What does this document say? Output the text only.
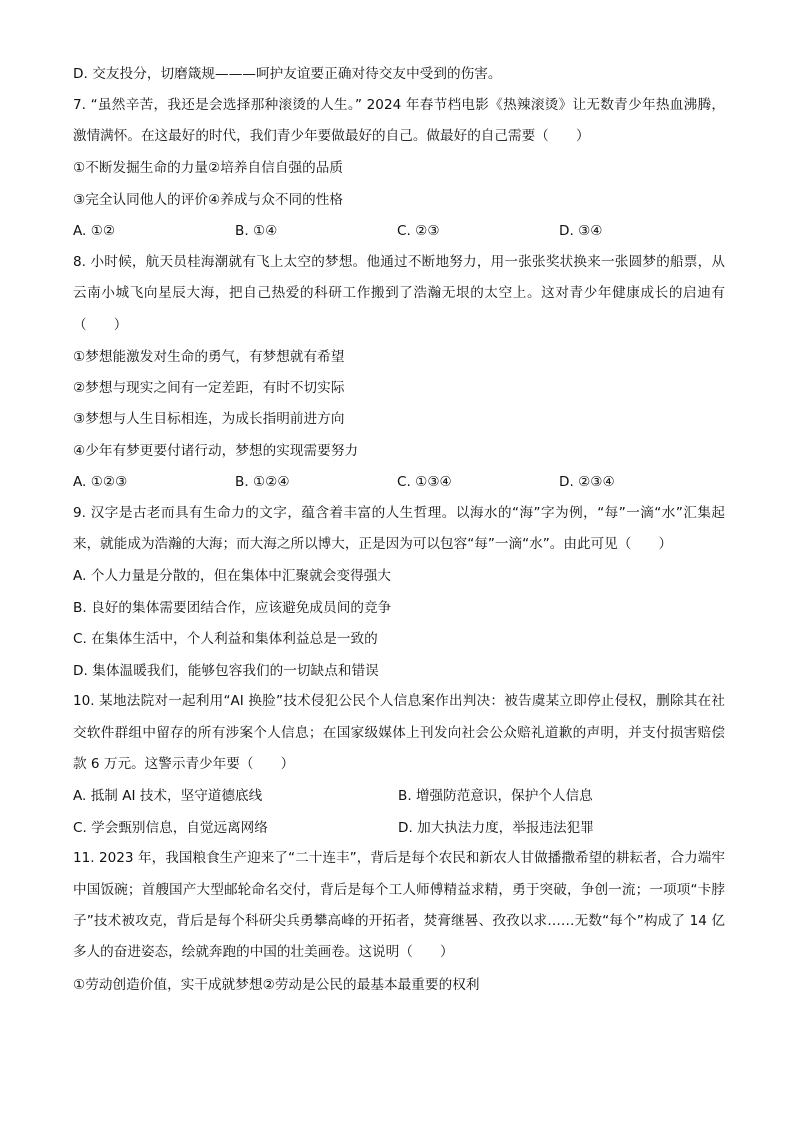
D. 交友投分，切磨箴规———呵护友谊要正确对待交友中受到的伤害。
7. “虽然辛苦，我还是会选择那种滚烫的人生。” 2024 年春节档电影《热辣滚烫》让无数青少年热血沸腾，激情满怀。在这最好的时代，我们青少年要做最好的自己。做最好的自己需要（　　）
①不断发掘生命的力量②培养自信自强的品质
③完全认同他人的评价④养成与众不同的性格
A. ①②	B. ①④	C. ②③	D. ③④
8. 小时候，航天员桂海潮就有飞上太空的梦想。他通过不断地努力，用一张张奖状换来一张圆梦的船票，从云南小城飞向星辰大海，把自己热爱的科研工作搬到了浩瀚无垠的太空上。这对青少年健康成长的启迪有（　　）
①梦想能激发对生命的勇气，有梦想就有希望
②梦想与现实之间有一定差距，有时不切实际
③梦想与人生目标相连，为成长指明前进方向
④少年有梦更要付诸行动，梦想的实现需要努力
A. ①②③	B. ①②④	C. ①③④	D. ②③④
9. 汉字是古老而具有生命力的文字，蕴含着丰富的人生哲理。以海水的“海”字为例，“每”一滴“水”汇集起来，就能成为浩瀚的大海；而大海之所以博大，正是因为可以包容“每”一滴“水”。由此可见（　　）
A. 个人力量是分散的，但在集体中汇聚就会变得强大
B. 良好的集体需要团结合作，应该避免成员间的竞争
C. 在集体生活中，个人利益和集体利益总是一致的
D. 集体温暖我们，能够包容我们的一切缺点和错误
10. 某地法院对一起利用“AI 换脸”技术侵犯公民个人信息案作出判决：被告虞某立即停止侵权，删除其在社交软件群组中留存的所有涉案个人信息；在国家级媒体上刊发向社会公众赔礼道歉的声明，并支付损害赔偿款 6 万元。这警示青少年要（　　）
A. 抵制 AI 技术，坚守道德底线	B. 增强防范意识，保护个人信息
C. 学会甄别信息，自觉远离网络	D. 加大执法力度，举报违法犯罪
11. 2023 年，我国粮食生产迎来了“二十连丰”，背后是每个农民和新农人甘做播撒希望的耕耘者，合力端牢中国饭碗；首艘国产大型邮轮命名交付，背后是每个工人师傅精益求精，勇于突破，争创一流；一项项“卡脖子”技术被攻克，背后是每个科研尖兵勇攀高峰的开拓者，焚膏继晷、孜孜以求……无数“每个”构成了 14 亿多人的奋进姿态，绘就奔跑的中国的壮美画卷。这说明（　　）
①劳动创造价值，实干成就梦想②劳动是公民的最基本最重要的权利
